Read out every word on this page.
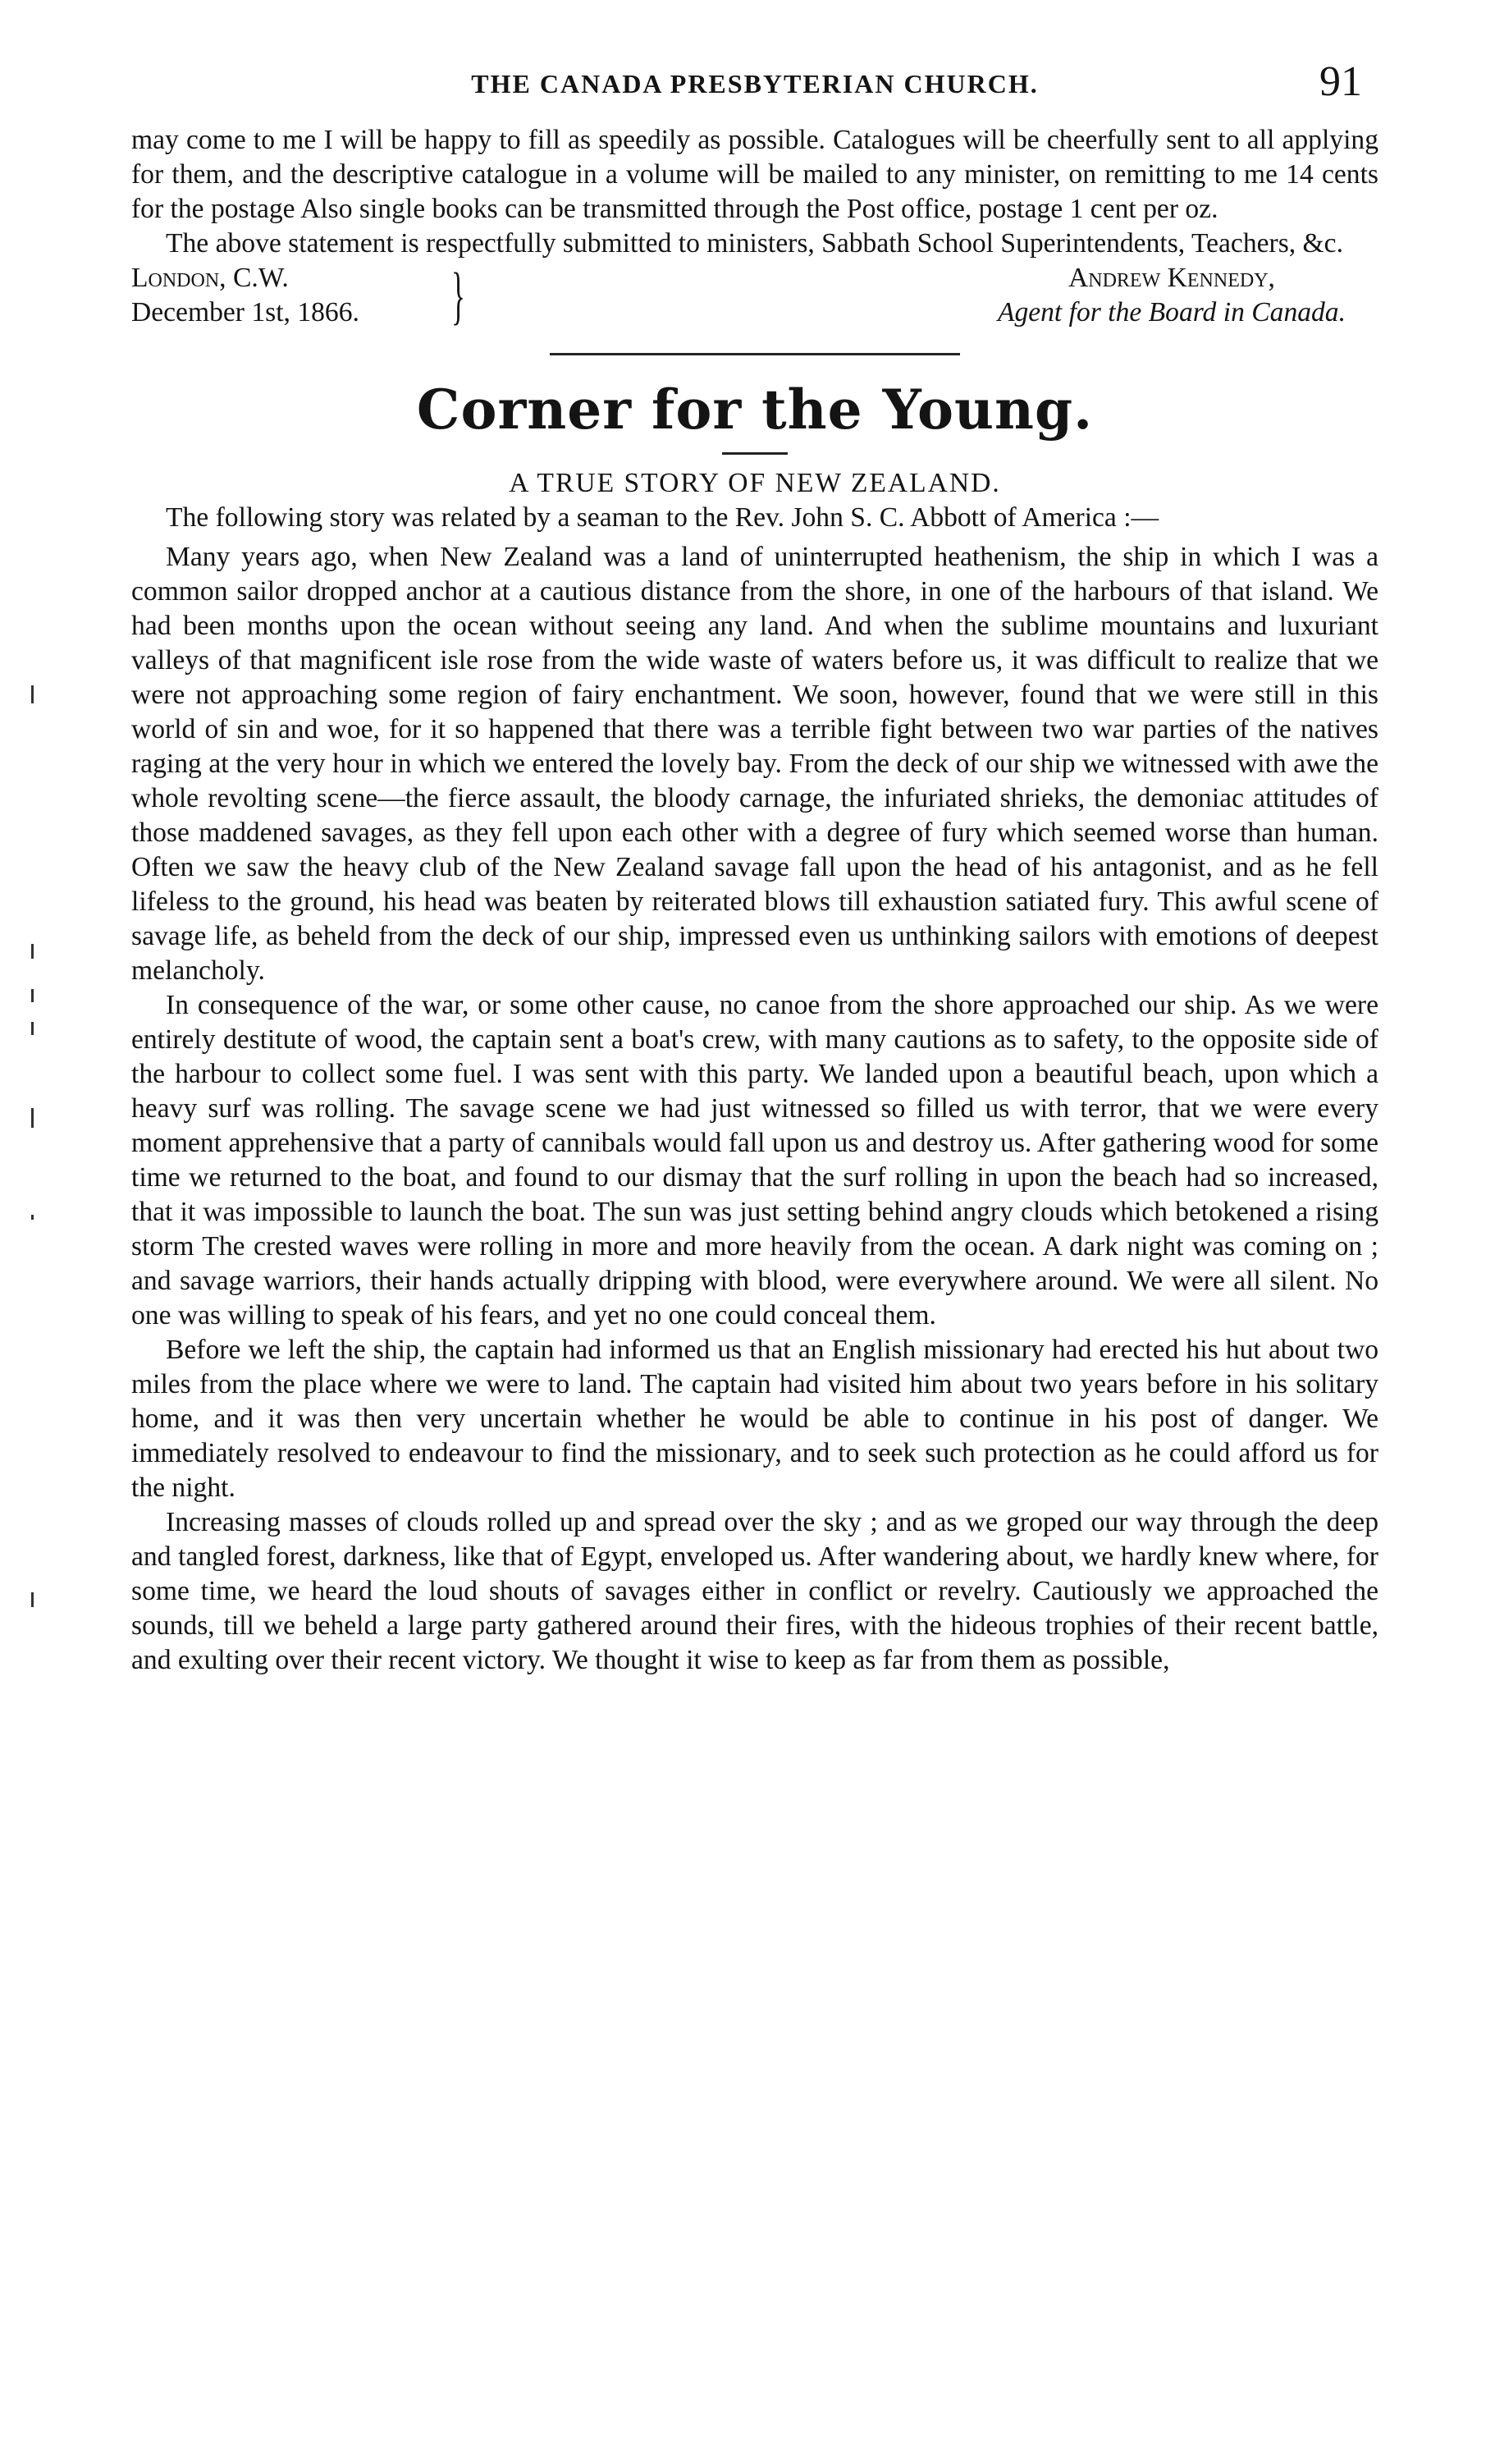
THE CANADA PRESBYTERIAN CHURCH.	91

may come to me I will be happy to fill as speedily as possible. Catalogues will be cheerfully sent to all applying for them, and the descriptive catalogue in a volume will be mailed to any minister, on remitting to me 14 cents for the postage Also single books can be transmitted through the Post office, postage 1 cent per oz.

The above statement is respectfully submitted to ministers, Sabbath School Superintendents, Teachers, &c.

London, C.W.
December 1st, 1866. }	Andrew Kennedy,
Agent for the Board in Canada.
Corner for the Young.
A TRUE STORY OF NEW ZEALAND.

The following story was related by a seaman to the Rev. John S. C. Abbott of America :—

Many years ago, when New Zealand was a land of uninterrupted heathenism, the ship in which I was a common sailor dropped anchor at a cautious distance from the shore, in one of the harbours of that island. We had been months upon the ocean without seeing any land. And when the sublime mountains and luxuriant valleys of that magnificent isle rose from the wide waste of waters before us, it was difficult to realize that we were not approaching some region of fairy enchantment. We soon, however, found that we were still in this world of sin and woe, for it so happened that there was a terrible fight between two war parties of the natives raging at the very hour in which we entered the lovely bay. From the deck of our ship we witnessed with awe the whole revolting scene—the fierce assault, the bloody carnage, the infuriated shrieks, the demoniac attitudes of those maddened savages, as they fell upon each other with a degree of fury which seemed worse than human. Often we saw the heavy club of the New Zealand savage fall upon the head of his antagonist, and as he fell lifeless to the ground, his head was beaten by reiterated blows till exhaustion satiated fury. This awful scene of savage life, as beheld from the deck of our ship, impressed even us unthinking sailors with emotions of deepest melancholy.

In consequence of the war, or some other cause, no canoe from the shore approached our ship. As we were entirely destitute of wood, the captain sent a boat's crew, with many cautions as to safety, to the opposite side of the harbour to collect some fuel. I was sent with this party. We landed upon a beautiful beach, upon which a heavy surf was rolling. The savage scene we had just witnessed so filled us with terror, that we were every moment apprehensive that a party of cannibals would fall upon us and destroy us. After gathering wood for some time we returned to the boat, and found to our dismay that the surf rolling in upon the beach had so increased, that it was impossible to launch the boat. The sun was just setting behind angry clouds which betokened a rising storm The crested waves were rolling in more and more heavily from the ocean. A dark night was coming on ; and savage warriors, their hands actually dripping with blood, were everywhere around. We were all silent. No one was willing to speak of his fears, and yet no one could conceal them.

Before we left the ship, the captain had informed us that an English missionary had erected his hut about two miles from the place where we were to land. The captain had visited him about two years before in his solitary home, and it was then very uncertain whether he would be able to continue in his post of danger. We immediately resolved to endeavour to find the missionary, and to seek such protection as he could afford us for the night.

Increasing masses of clouds rolled up and spread over the sky ; and as we groped our way through the deep and tangled forest, darkness, like that of Egypt, enveloped us. After wandering about, we hardly knew where, for some time, we heard the loud shouts of savages either in conflict or revelry. Cautiously we approached the sounds, till we beheld a large party gathered around their fires, with the hideous trophies of their recent battle, and exulting over their recent victory. We thought it wise to keep as far from them as possible,
